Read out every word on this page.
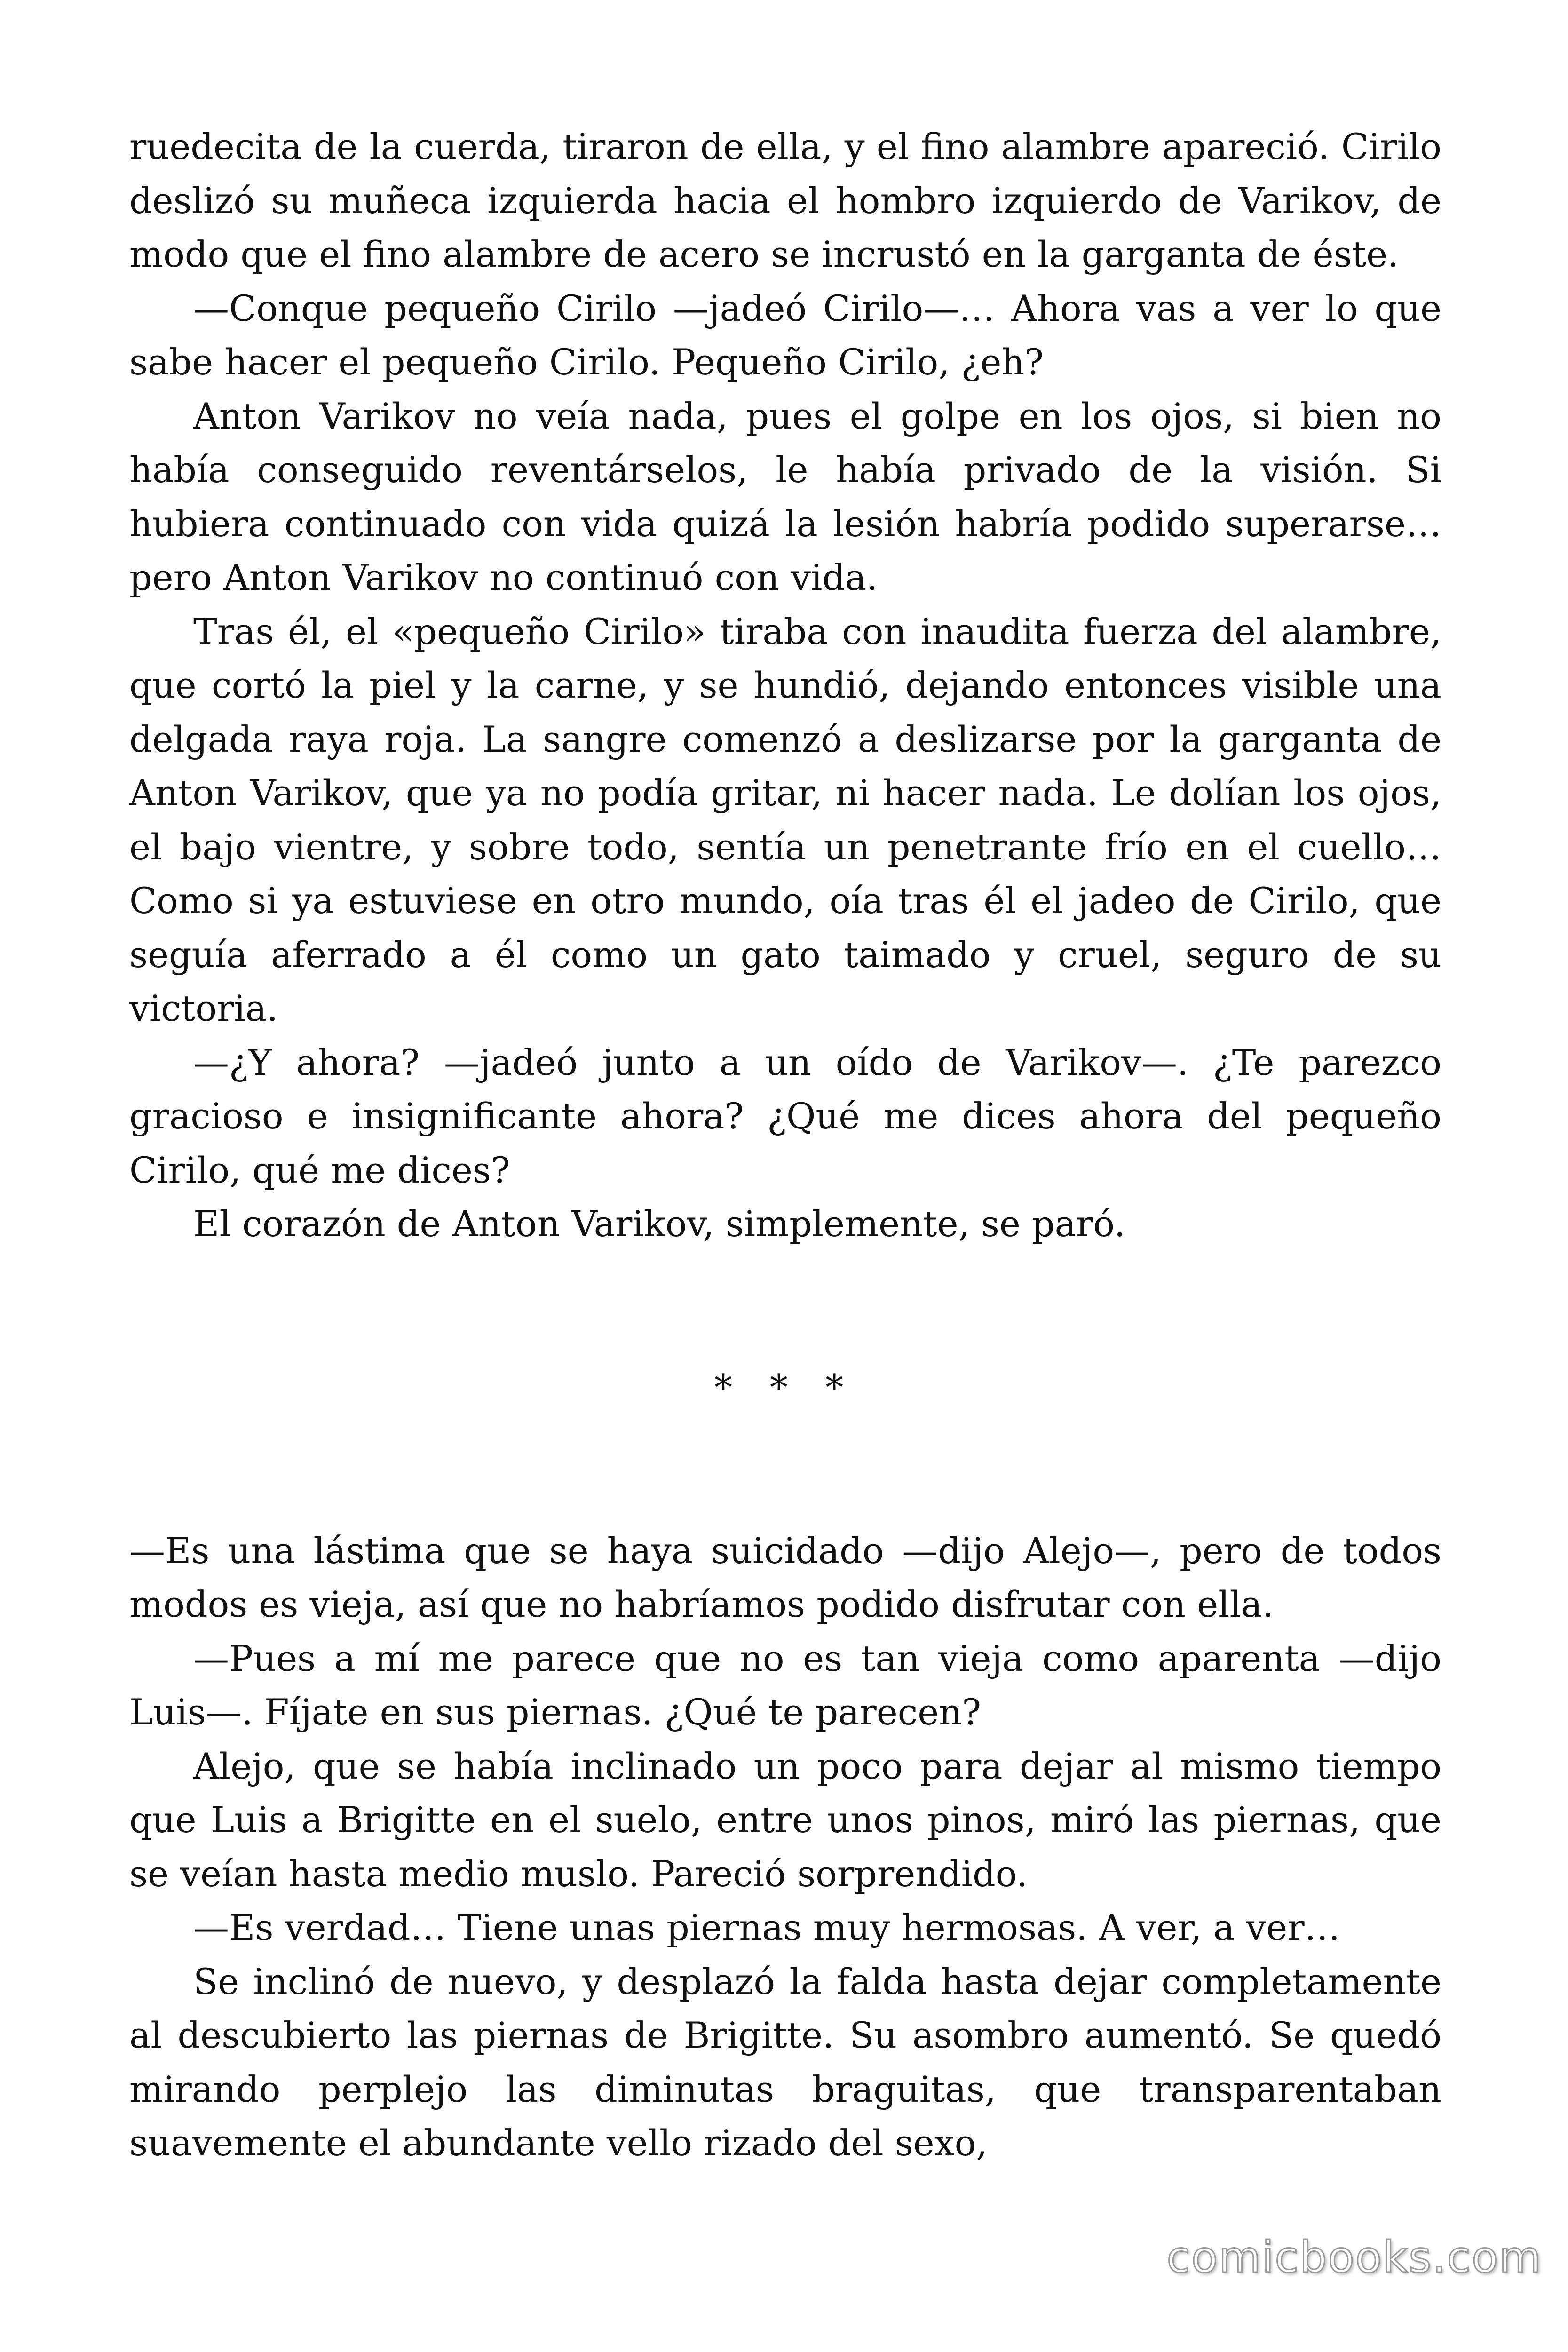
ruedecita de la cuerda, tiraron de ella, y el fino alambre apareció. Cirilo deslizó su muñeca izquierda hacia el hombro izquierdo de Varikov, de modo que el fino alambre de acero se incrustó en la garganta de éste.

—Conque pequeño Cirilo —jadeó Cirilo—… Ahora vas a ver lo que sabe hacer el pequeño Cirilo. Pequeño Cirilo, ¿eh?

Anton Varikov no veía nada, pues el golpe en los ojos, si bien no había conseguido reventárselos, le había privado de la visión. Si hubiera continuado con vida quizá la lesión habría podido superarse… pero Anton Varikov no continuó con vida.

Tras él, el «pequeño Cirilo» tiraba con inaudita fuerza del alambre, que cortó la piel y la carne, y se hundió, dejando entonces visible una delgada raya roja. La sangre comenzó a deslizarse por la garganta de Anton Varikov, que ya no podía gritar, ni hacer nada. Le dolían los ojos, el bajo vientre, y sobre todo, sentía un penetrante frío en el cuello… Como si ya estuviese en otro mundo, oía tras él el jadeo de Cirilo, que seguía aferrado a él como un gato taimado y cruel, seguro de su victoria.

—¿Y ahora? —jadeó junto a un oído de Varikov—. ¿Te parezco gracioso e insignificante ahora? ¿Qué me dices ahora del pequeño Cirilo, qué me dices?

El corazón de Anton Varikov, simplemente, se paró.

* * *

—Es una lástima que se haya suicidado —dijo Alejo—, pero de todos modos es vieja, así que no habríamos podido disfrutar con ella.

—Pues a mí me parece que no es tan vieja como aparenta —dijo Luis—. Fíjate en sus piernas. ¿Qué te parecen?

Alejo, que se había inclinado un poco para dejar al mismo tiempo que Luis a Brigitte en el suelo, entre unos pinos, miró las piernas, que se veían hasta medio muslo. Pareció sorprendido.

—Es verdad… Tiene unas piernas muy hermosas. A ver, a ver…

Se inclinó de nuevo, y desplazó la falda hasta dejar completamente al descubierto las piernas de Brigitte. Su asombro aumentó. Se quedó mirando perplejo las diminutas braguitas, que transparentaban suavemente el abundante vello rizado del sexo,

comicbooks.com
